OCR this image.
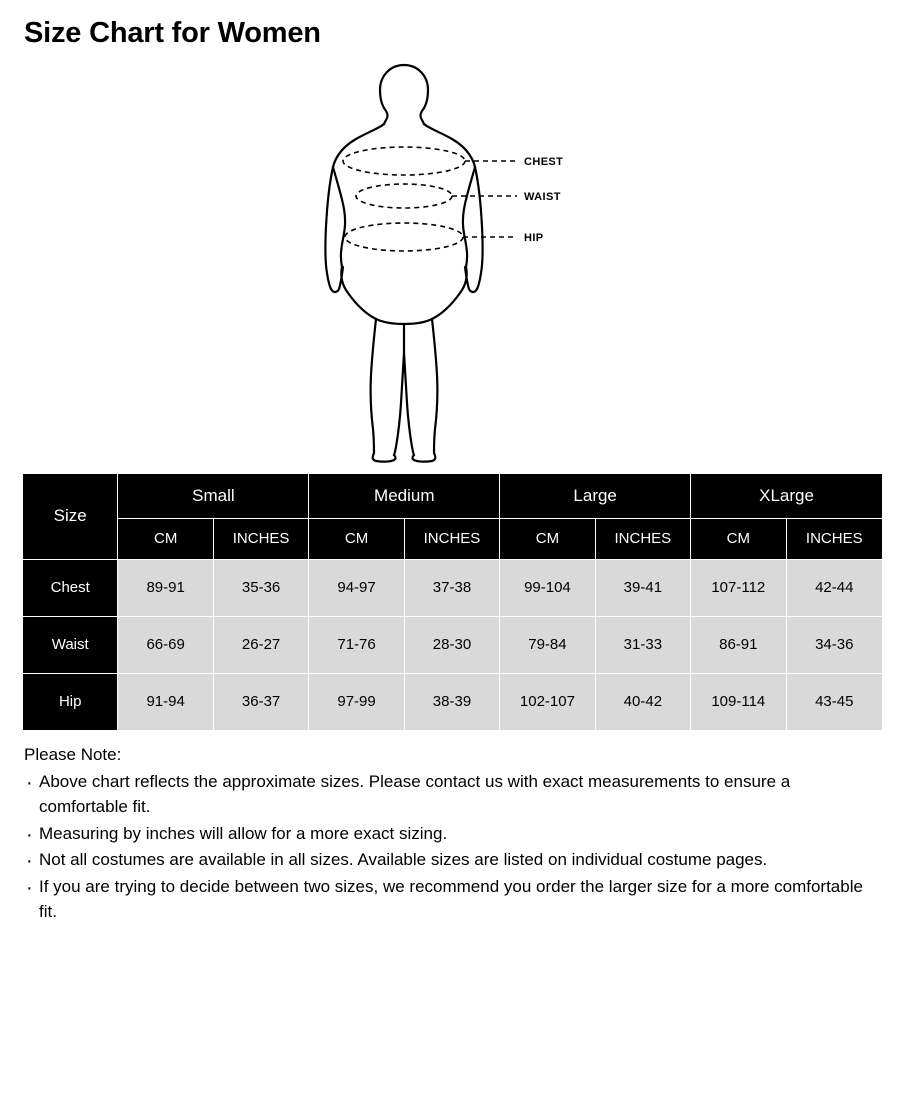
Size Chart for Women
CHEST
WAIST
HIP
Size	Small		Medium		Large		XLarge	
	CM	INCHES	CM	INCHES	CM	INCHES	CM	INCHES
Chest	89-91	35-36	94-97	37-38	99-104	39-41	107-112	42-44
Waist	66-69	26-27	71-76	28-30	79-84	31-33	86-91	34-36
Hip	91-94	36-37	97-99	38-39	102-107	40-42	109-114	43-45
Please Note:
· Above chart reflects the approximate sizes. Please contact us with exact measurements to ensure a comfortable fit.
· Measuring by inches will allow for a more exact sizing.
· Not all costumes are available in all sizes. Available sizes are listed on individual costume pages.
· If you are trying to decide between two sizes, we recommend you order the larger size for a more comfortable fit.
